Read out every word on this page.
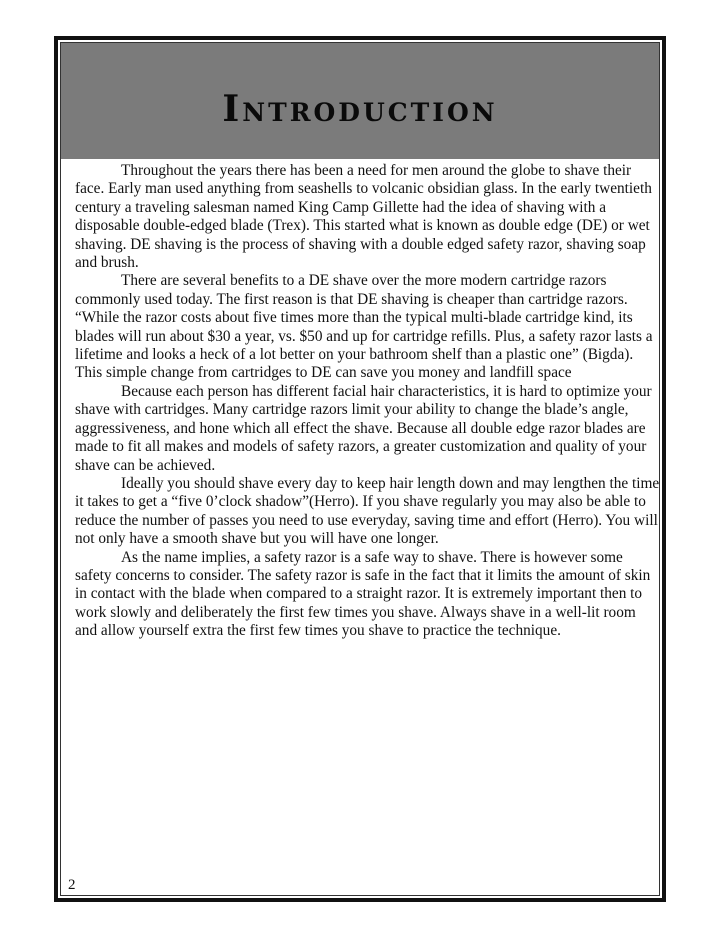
Introduction

Throughout the years there has been a need for men around the globe to shave their face. Early man used anything from seashells to volcanic obsidian glass. In the early twentieth century a traveling salesman named King Camp Gillette had the idea of shaving with a disposable double-edged blade (Trex). This started what is known as double edge (DE) or wet shaving. DE shaving is the process of shaving with a double edged safety razor, shaving soap and brush.

There are several benefits to a DE shave over the more modern cartridge razors commonly used today. The first reason is that DE shaving is cheaper than cartridge razors. “While the razor costs about five times more than the typical multi-blade cartridge kind, its blades will run about $30 a year, vs. $50 and up for cartridge refills. Plus, a safety razor lasts a lifetime and looks a heck of a lot better on your bathroom shelf than a plastic one” (Bigda). This simple change from cartridges to DE can save you money and landfill space

Because each person has different facial hair characteristics, it is hard to optimize your shave with cartridges. Many cartridge razors limit your ability to change the blade’s angle, aggressiveness, and hone which all effect the shave. Because all double edge razor blades are made to fit all makes and models of safety razors, a greater customization and quality of your shave can be achieved.

Ideally you should shave every day to keep hair length down and may lengthen the time it takes to get a “five 0’clock shadow”(Herro). If you shave regularly you may also be able to reduce the number of passes you need to use everyday, saving time and effort (Herro). You will not only have a smooth shave but you will have one longer.

As the name implies, a safety razor is a safe way to shave. There is however some safety concerns to consider. The safety razor is safe in the fact that it limits the amount of skin in contact with the blade when compared to a straight razor. It is extremely important then to work slowly and deliberately the first few times you shave. Always shave in a well-lit room and allow yourself extra the first few times you shave to practice the technique.

2
